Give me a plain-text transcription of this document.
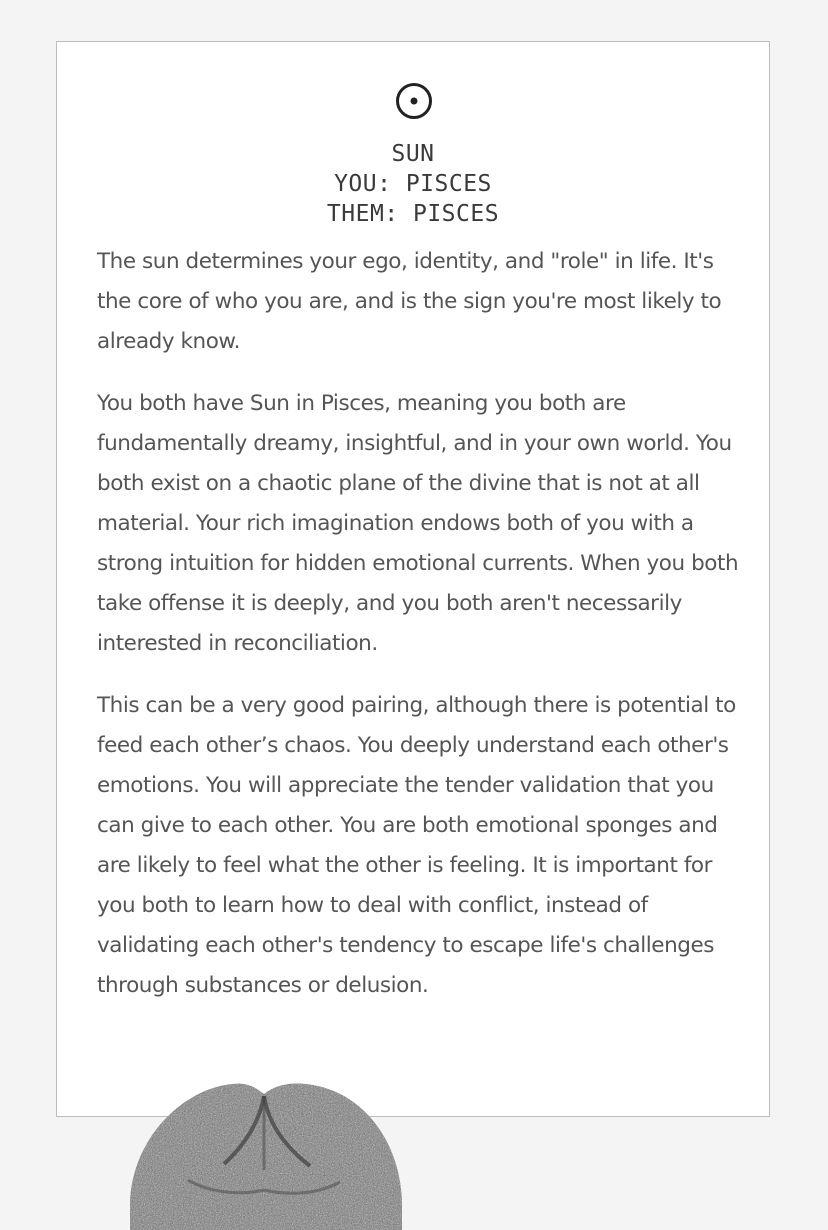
SUN
YOU: PISCES
THEM: PISCES

The sun determines your ego, identity, and "role" in life. It's the core of who you are, and is the sign you're most likely to already know.

You both have Sun in Pisces, meaning you both are fundamentally dreamy, insightful, and in your own world. You both exist on a chaotic plane of the divine that is not at all material. Your rich imagination endows both of you with a strong intuition for hidden emotional currents. When you both take offense it is deeply, and you both aren't necessarily interested in reconciliation.

This can be a very good pairing, although there is potential to feed each other’s chaos. You deeply understand each other's emotions. You will appreciate the tender validation that you can give to each other. You are both emotional sponges and are likely to feel what the other is feeling. It is important for you both to learn how to deal with conflict, instead of validating each other's tendency to escape life's challenges through substances or delusion.
